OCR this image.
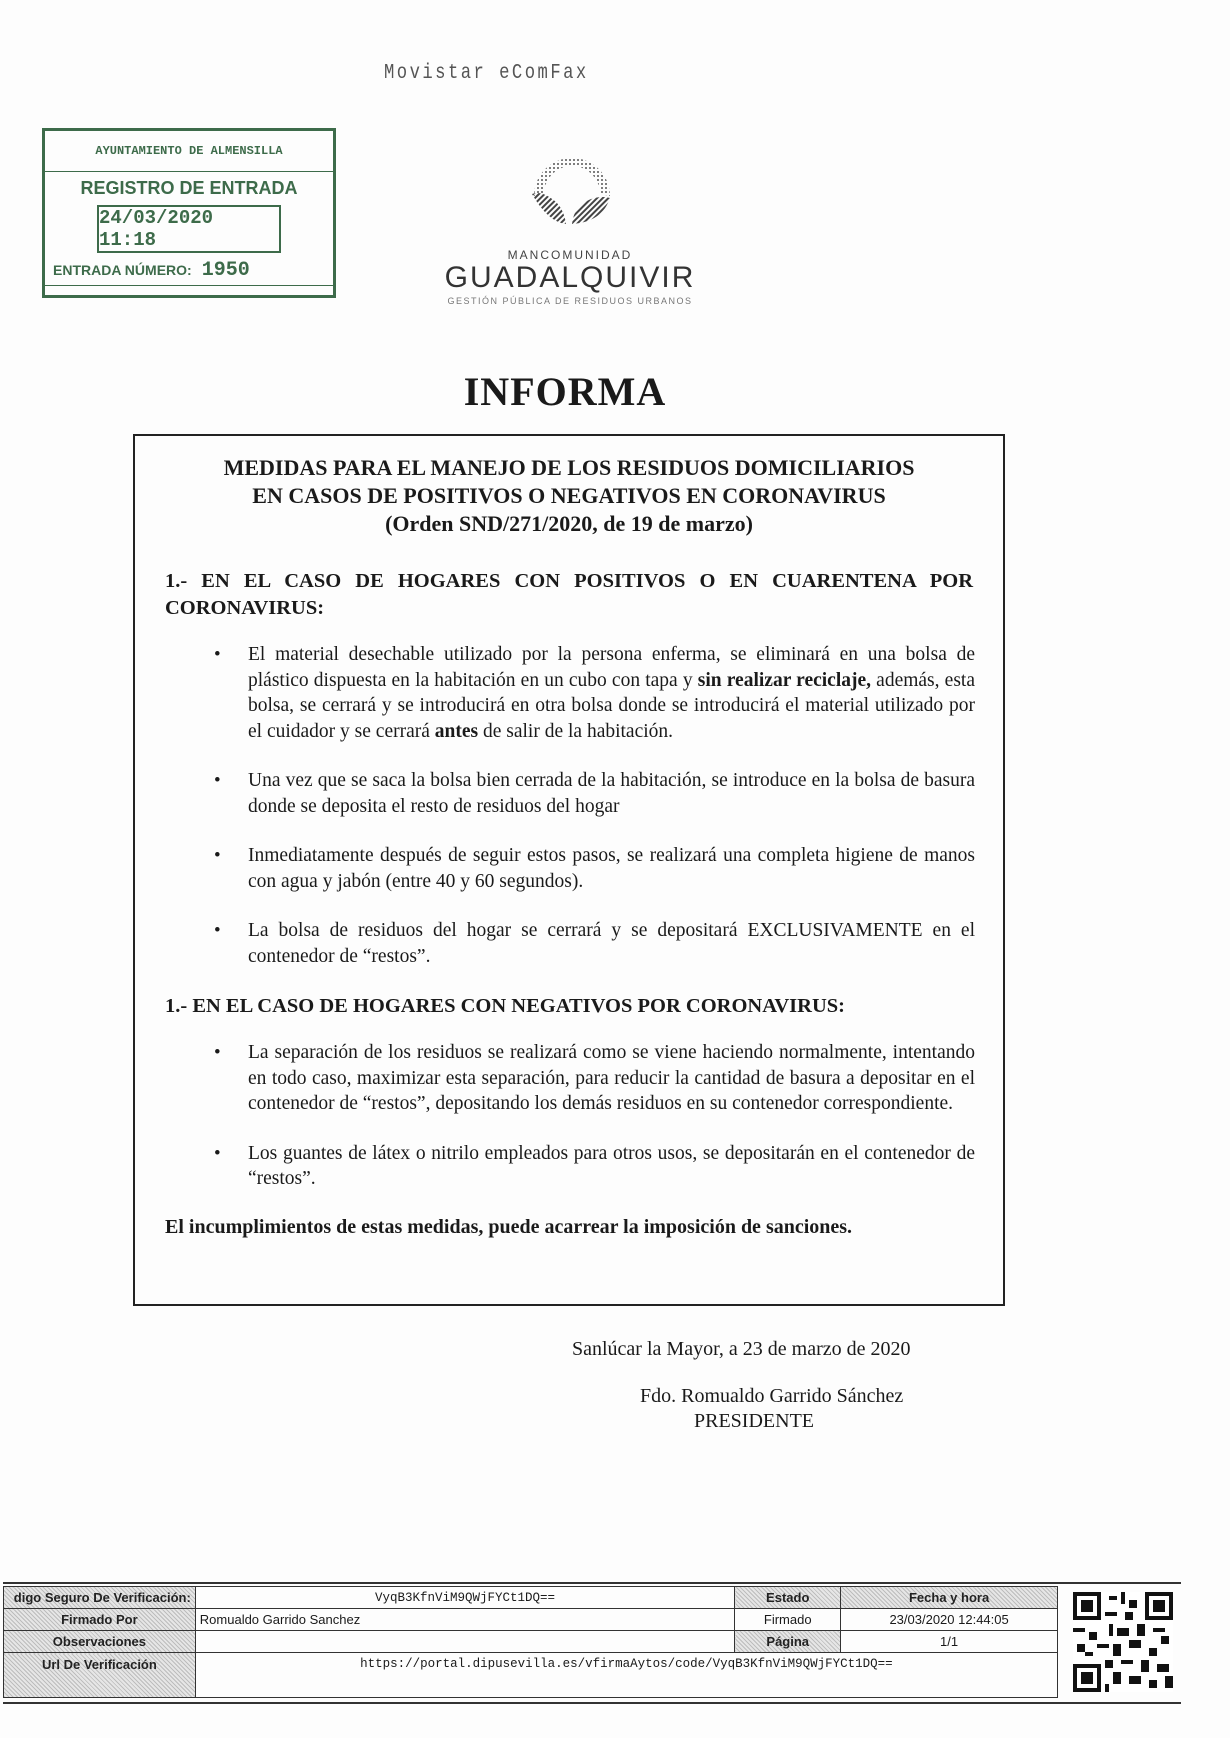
Movistar eComFax
AYUNTAMIENTO DE ALMENSILLA
REGISTRO DE ENTRADA
24/03/2020 11:18
ENTRADA NÚMERO: 1950
MANCOMUNIDAD
GUADALQUIVIR
GESTIÓN PÚBLICA DE RESIDUOS URBANOS
INFORMA
MEDIDAS PARA EL MANEJO DE LOS RESIDUOS DOMICILIARIOS
EN CASOS DE POSITIVOS O NEGATIVOS EN CORONAVIRUS
(Orden SND/271/2020, de 19 de marzo)
1.- EN EL CASO DE HOGARES CON POSITIVOS O EN CUARENTENA POR CORONAVIRUS:
• El material desechable utilizado por la persona enferma, se eliminará en una bolsa de plástico dispuesta en la habitación en un cubo con tapa y sin realizar reciclaje, además, esta bolsa, se cerrará y se introducirá en otra bolsa donde se introducirá el material utilizado por el cuidador y se cerrará antes de salir de la habitación.
• Una vez que se saca la bolsa bien cerrada de la habitación, se introduce en la bolsa de basura donde se deposita el resto de residuos del hogar
• Inmediatamente después de seguir estos pasos, se realizará una completa higiene de manos con agua y jabón (entre 40 y 60 segundos).
• La bolsa de residuos del hogar se cerrará y se depositará EXCLUSIVAMENTE en el contenedor de “restos”.
1.- EN EL CASO DE HOGARES CON NEGATIVOS POR CORONAVIRUS:
• La separación de los residuos se realizará como se viene haciendo normalmente, intentando en todo caso, maximizar esta separación, para reducir la cantidad de basura a depositar en el contenedor de “restos”, depositando los demás residuos en su contenedor correspondiente.
• Los guantes de látex o nitrilo empleados para otros usos, se depositarán en el contenedor de “restos”.
El incumplimientos de estas medidas, puede acarrear la imposición de sanciones.
Sanlúcar la Mayor, a 23 de marzo de 2020
Fdo. Romualdo Garrido Sánchez
PRESIDENTE
digo Seguro De Verificación:	VyqB3KfnViM9QWjFYCt1DQ==	Estado	Fecha y hora
Firmado Por	Romualdo Garrido Sanchez	Firmado	23/03/2020 12:44:05
Observaciones		Página	1/1
Url De Verificación	https://portal.dipusevilla.es/vfirmaAytos/code/VyqB3KfnViM9QWjFYCt1DQ==		
